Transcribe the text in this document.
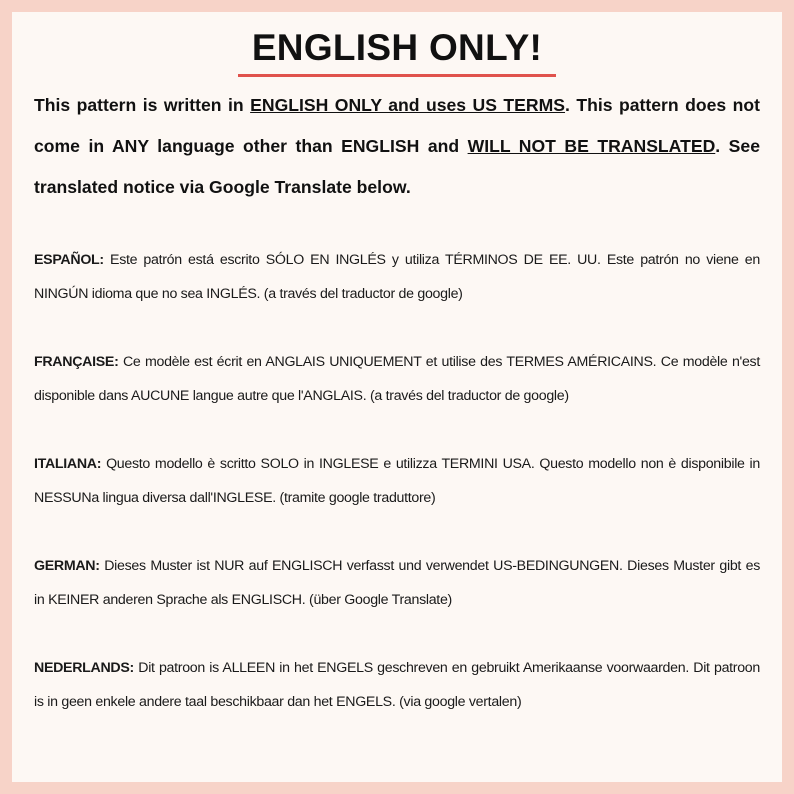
ENGLISH ONLY!

This pattern is written in ENGLISH ONLY and uses US TERMS. This pattern does not come in ANY language other than ENGLISH and WILL NOT BE TRANSLATED. See translated notice via Google Translate below.

ESPAÑOL: Este patrón está escrito SÓLO EN INGLÉS y utiliza TÉRMINOS DE EE. UU. Este patrón no viene en NINGÚN idioma que no sea INGLÉS. (a través del traductor de google)

FRANÇAISE: Ce modèle est écrit en ANGLAIS UNIQUEMENT et utilise des TERMES AMÉRICAINS. Ce modèle n'est disponible dans AUCUNE langue autre que l'ANGLAIS. (a través del traductor de google)

ITALIANA: Questo modello è scritto SOLO in INGLESE e utilizza TERMINI USA. Questo modello non è disponibile in NESSUNa lingua diversa dall'INGLESE. (tramite google traduttore)

GERMAN: Dieses Muster ist NUR auf ENGLISCH verfasst und verwendet US-BEDINGUNGEN. Dieses Muster gibt es in KEINER anderen Sprache als ENGLISCH. (über Google Translate)

NEDERLANDS: Dit patroon is ALLEEN in het ENGELS geschreven en gebruikt Amerikaanse voorwaarden. Dit patroon is in geen enkele andere taal beschikbaar dan het ENGELS. (via google vertalen)
